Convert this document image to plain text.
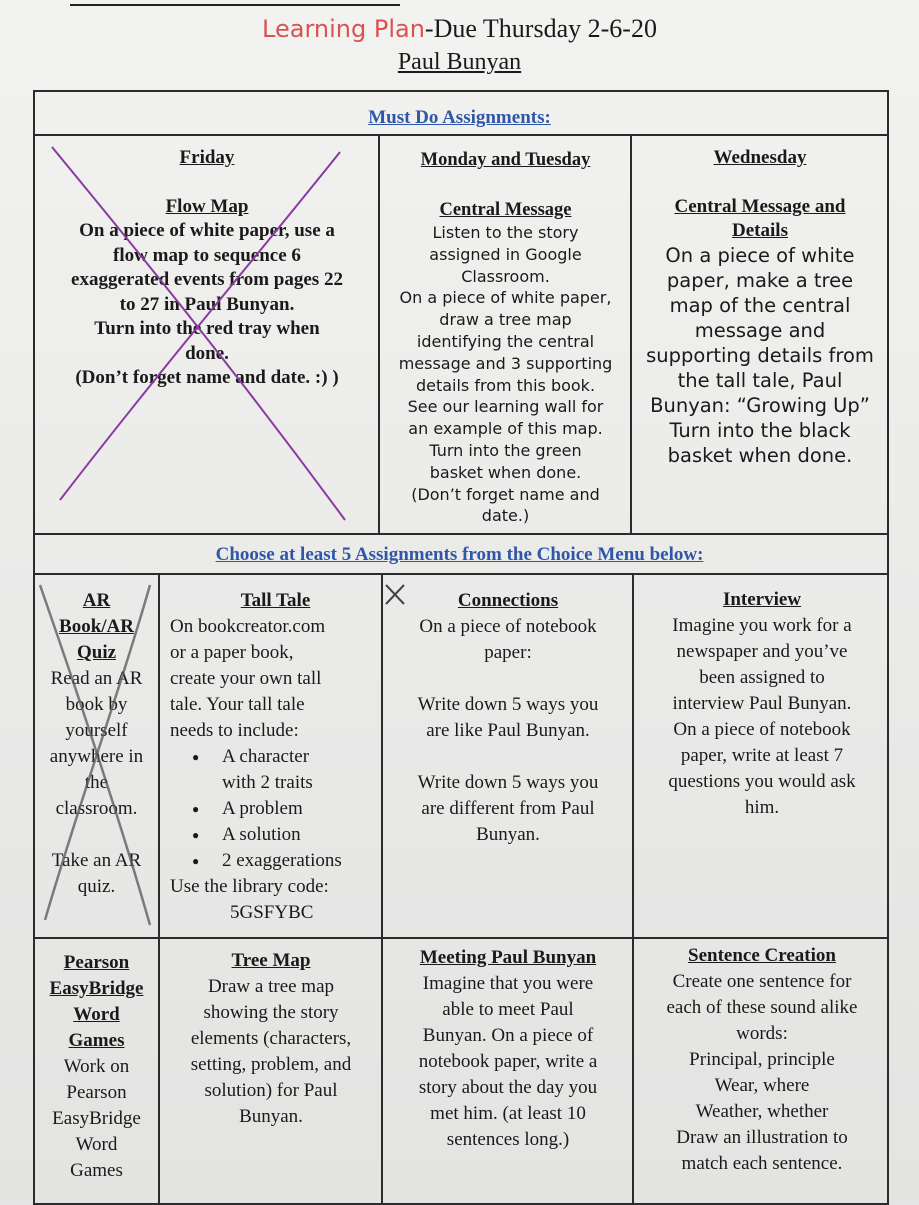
Learning Plan-Due Thursday 2-6-20
Paul Bunyan
Must Do Assignments:
Friday
Flow Map
On a piece of white paper, use a
flow map to sequence 6
exaggerated events from pages 22
to 27 in Paul Bunyan.
Turn into the red tray when
done.
(Don’t forget name and date. :) )
Monday and Tuesday
Central Message
Listen to the story
assigned in Google
Classroom.
On a piece of white paper,
draw a tree map
identifying the central
message and 3 supporting
details from this book.
See our learning wall for
an example of this map.
Turn into the green
basket when done.
(Don’t forget name and
date.)
Wednesday
Central Message and
Details
On a piece of white
paper, make a tree
map of the central
message and
supporting details from
the tall tale, Paul
Bunyan: “Growing Up”
Turn into the black
basket when done.
Choose at least 5 Assignments from the Choice Menu below:
AR
Book/AR
Quiz
Read an AR
book by
yourself
anywhere in
the
classroom.
Take an AR
quiz.
Tall Tale
On bookcreator.com
or a paper book,
create your own tall
tale. Your tall tale
needs to include:
● A character
with 2 traits
● A problem
● A solution
● 2 exaggerations
Use the library code:
5GSFYBC
Connections
On a piece of notebook
paper:
Write down 5 ways you
are like Paul Bunyan.
Write down 5 ways you
are different from Paul
Bunyan.
Interview
Imagine you work for a
newspaper and you’ve
been assigned to
interview Paul Bunyan.
On a piece of notebook
paper, write at least 7
questions you would ask
him.
Pearson
EasyBridge
Word
Games
Work on
Pearson
EasyBridge
Word
Games
Tree Map
Draw a tree map
showing the story
elements (characters,
setting, problem, and
solution) for Paul
Bunyan.
Meeting Paul Bunyan
Imagine that you were
able to meet Paul
Bunyan. On a piece of
notebook paper, write a
story about the day you
met him. (at least 10
sentences long.)
Sentence Creation
Create one sentence for
each of these sound alike
words:
Principal, principle
Wear, where
Weather, whether
Draw an illustration to
match each sentence.
